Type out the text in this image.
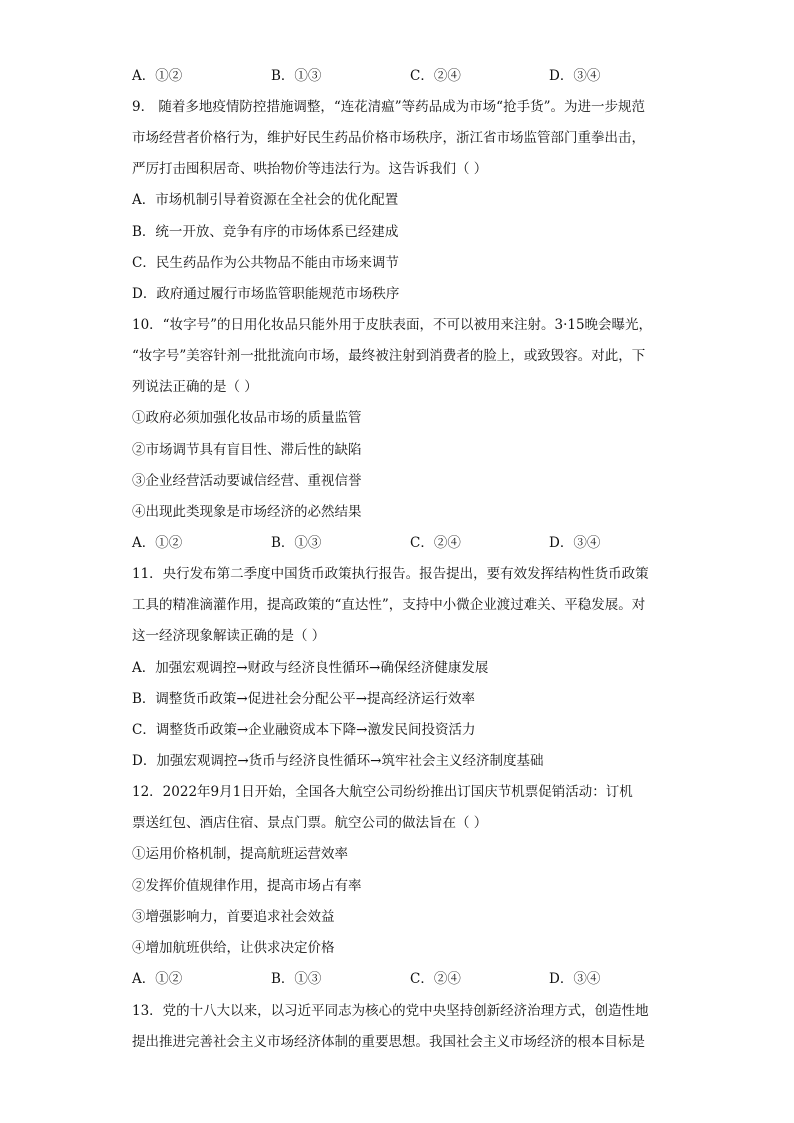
A．①②	B．①③	C．②④	D．③④
9． 随着多地疫情防控措施调整，“连花清瘟”等药品成为市场“抢手货”。为进一步规范
市场经营者价格行为，维护好民生药品价格市场秩序，浙江省市场监管部门重拳出击，
严厉打击囤积居奇、哄抬物价等违法行为。这告诉我们（ ）
A．市场机制引导着资源在全社会的优化配置
B．统一开放、竞争有序的市场体系已经建成
C．民生药品作为公共物品不能由市场来调节
D．政府通过履行市场监管职能规范市场秩序
10．“妆字号”的日用化妆品只能外用于皮肤表面，不可以被用来注射。3·15晚会曝光，
“妆字号”美容针剂一批批流向市场，最终被注射到消费者的脸上，或致毁容。对此，下
列说法正确的是（ ）
①政府必须加强化妆品市场的质量监管
②市场调节具有盲目性、滞后性的缺陷
③企业经营活动要诚信经营、重视信誉
④出现此类现象是市场经济的必然结果
A．①②	B．①③	C．②④	D．③④
11．央行发布第二季度中国货币政策执行报告。报告提出，要有效发挥结构性货币政策
工具的精准滴灌作用，提高政策的“直达性”，支持中小微企业渡过难关、平稳发展。对
这一经济现象解读正确的是（ ）
A．加强宏观调控→财政与经济良性循环→确保经济健康发展
B．调整货币政策→促进社会分配公平→提高经济运行效率
C．调整货币政策→企业融资成本下降→激发民间投资活力
D．加强宏观调控→货币与经济良性循环→筑牢社会主义经济制度基础
12．2022年9月1日开始，全国各大航空公司纷纷推出订国庆节机票促销活动：订机
票送红包、酒店住宿、景点门票。航空公司的做法旨在（ ）
①运用价格机制，提高航班运营效率
②发挥价值规律作用，提高市场占有率
③增强影响力，首要追求社会效益
④增加航班供给，让供求决定价格
A．①②	B．①③	C．②④	D．③④
13．党的十八大以来，以习近平同志为核心的党中央坚持创新经济治理方式，创造性地
提出推进完善社会主义市场经济体制的重要思想。我国社会主义市场经济的根本目标是
